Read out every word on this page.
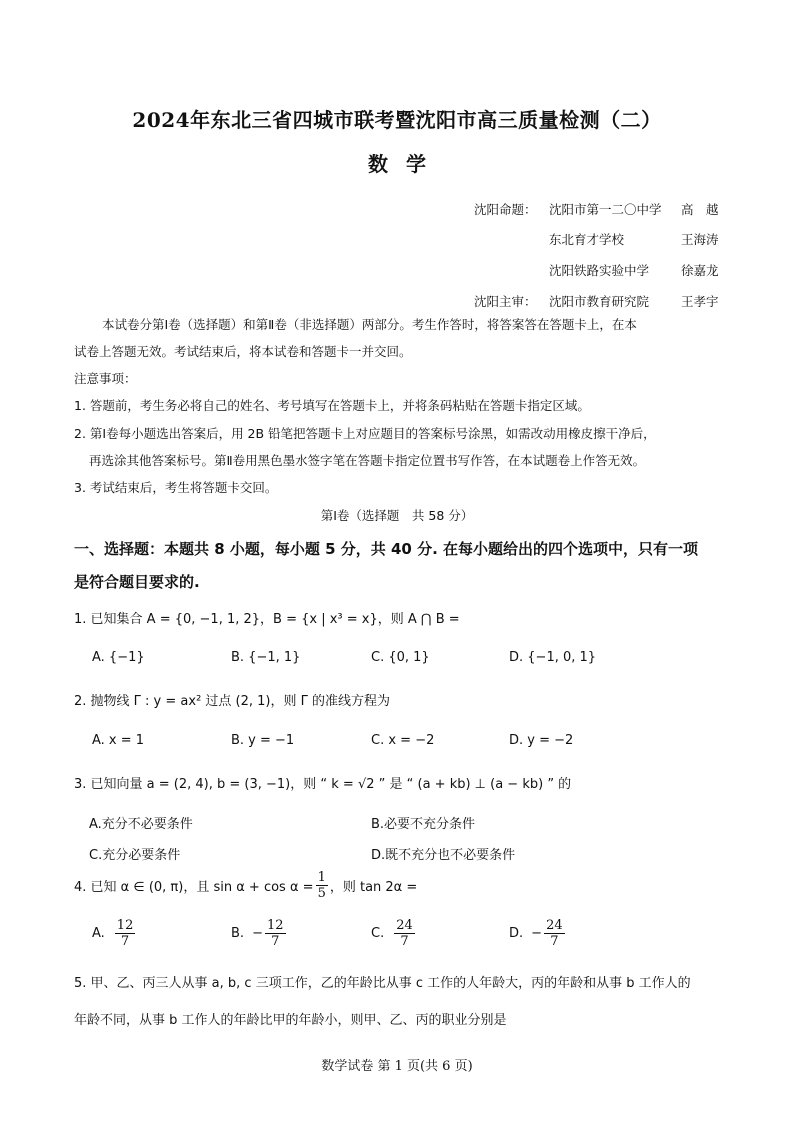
2024年东北三省四城市联考暨沈阳市高三质量检测（二）
数学
沈阳命题： 沈阳市第一二〇中学 高　越
东北育才学校	王海涛
沈阳铁路实验中学	徐嘉龙
沈阳主审： 沈阳市教育研究院	王孝宇
本试卷分第Ⅰ卷（选择题）和第Ⅱ卷（非选择题）两部分。考生作答时，将答案答在答题卡上，在本
试卷上答题无效。考试结束后，将本试卷和答题卡一并交回。
注意事项：
1. 答题前，考生务必将自己的姓名、考号填写在答题卡上，并将条码粘贴在答题卡指定区域。
2. 第Ⅰ卷每小题选出答案后，用 2B 铅笔把答题卡上对应题目的答案标号涂黑，如需改动用橡皮擦干净后，
再选涂其他答案标号。第Ⅱ卷用黑色墨水签字笔在答题卡指定位置书写作答，在本试题卷上作答无效。
3. 考试结束后，考生将答题卡交回。
第Ⅰ卷（选择题　共 58 分）
一、选择题：本题共 8 小题，每小题 5 分，共 40 分. 在每小题给出的四个选项中，只有一项
是符合题目要求的.
1. 已知集合 A = {0, −1, 1, 2}，B = {x | x³ = x}，则 A ⋂ B =
A. {−1}	B. {−1, 1}	C. {0, 1}	D. {−1, 0, 1}
2. 抛物线 Γ : y = ax² 过点 (2, 1)，则 Γ 的准线方程为
A. x = 1	B. y = −1	C. x = −2	D. y = −2
3. 已知向量 a = (2, 4), b = (3, −1)，则 “ k = √2 ” 是 “ (a + kb) ⊥ (a − kb) ” 的
A.充分不必要条件	B.必要不充分条件
C.充分必要条件	D.既不充分也不必要条件
4. 已知 α ∈ (0, π)，且 $\sin \alpha + \cos \alpha = \frac{1}{5}$ ，则 tan 2α =
A. $\frac{12}{7}$	B. − $\frac{12}{7}$	C. $\frac{24}{7}$	D. − $\frac{24}{7}$
5. 甲、乙、丙三人从事 a, b, c 三项工作，乙的年龄比从事 c 工作的人年龄大，丙的年龄和从事 b 工作人的
年龄不同，从事 b 工作人的年龄比甲的年龄小，则甲、乙、丙的职业分别是
数学试卷 第 1 页(共 6 页)
